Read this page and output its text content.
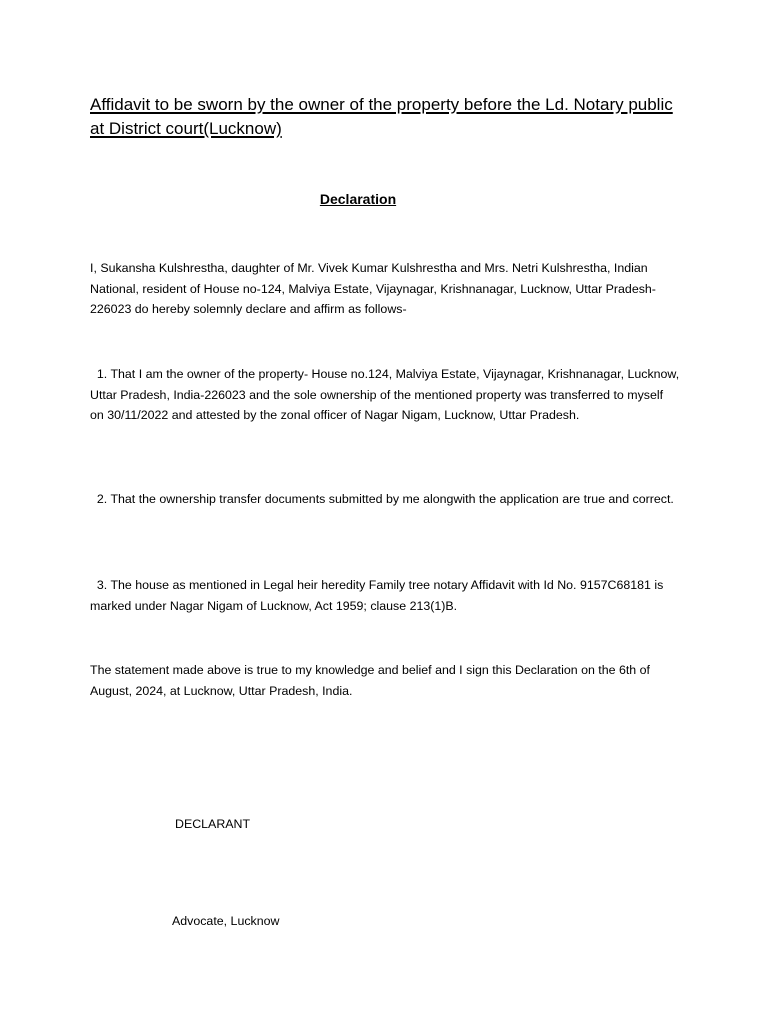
Affidavit to be sworn by the owner of the property before the Ld. Notary public at District court(Lucknow)
Declaration

I, Sukansha Kulshrestha, daughter of Mr. Vivek Kumar Kulshrestha and Mrs. Netri Kulshrestha, Indian National, resident of House no-124, Malviya Estate, Vijaynagar, Krishnanagar, Lucknow, Uttar Pradesh-226023 do hereby solemnly declare and affirm as follows-

1. That I am the owner of the property- House no.124, Malviya Estate, Vijaynagar, Krishnanagar, Lucknow, Uttar Pradesh, India-226023 and the sole ownership of the mentioned property was transferred to myself on 30/11/2022 and attested by the zonal officer of Nagar Nigam, Lucknow, Uttar Pradesh.

2. That the ownership transfer documents submitted by me alongwith the application are true and correct.

3. The house as mentioned in Legal heir heredity Family tree notary Affidavit with Id No. 9157C68181 is marked under Nagar Nigam of Lucknow, Act 1959; clause 213(1)B.

The statement made above is true to my knowledge and belief and I sign this Declaration on the 6th of August, 2024, at Lucknow, Uttar Pradesh, India.

DECLARANT

Advocate, Lucknow
